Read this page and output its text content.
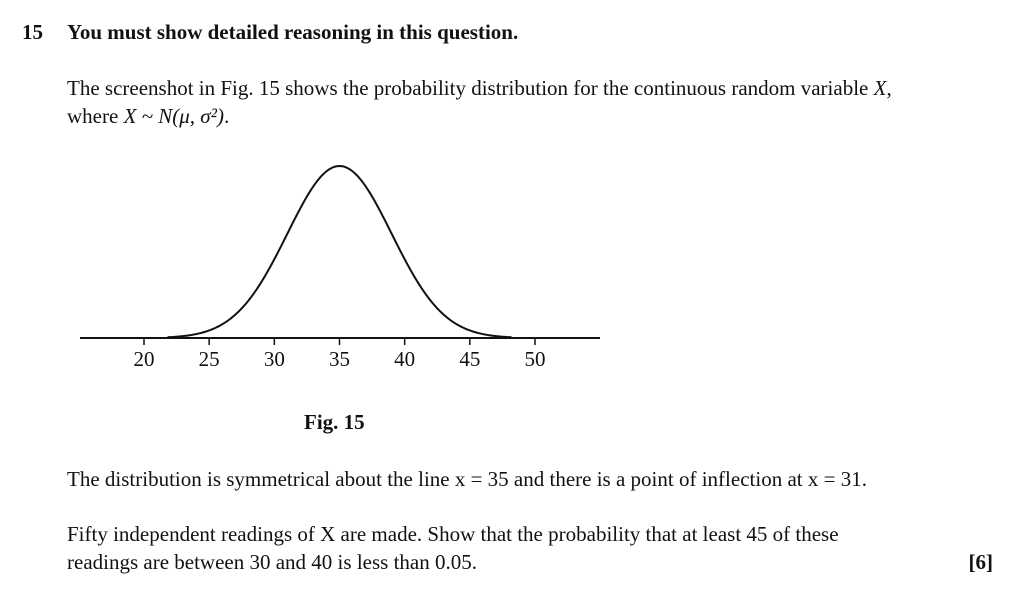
15 You must show detailed reasoning in this question.
The screenshot in Fig. 15 shows the probability distribution for the continuous random variable X,
where X ~ N(μ, σ²).
20 25 30 35 40 45 50
Fig. 15
The distribution is symmetrical about the line x = 35 and there is a point of inflection at x = 31.
Fifty independent readings of X are made. Show that the probability that at least 45 of these
readings are between 30 and 40 is less than 0.05.	[6]
